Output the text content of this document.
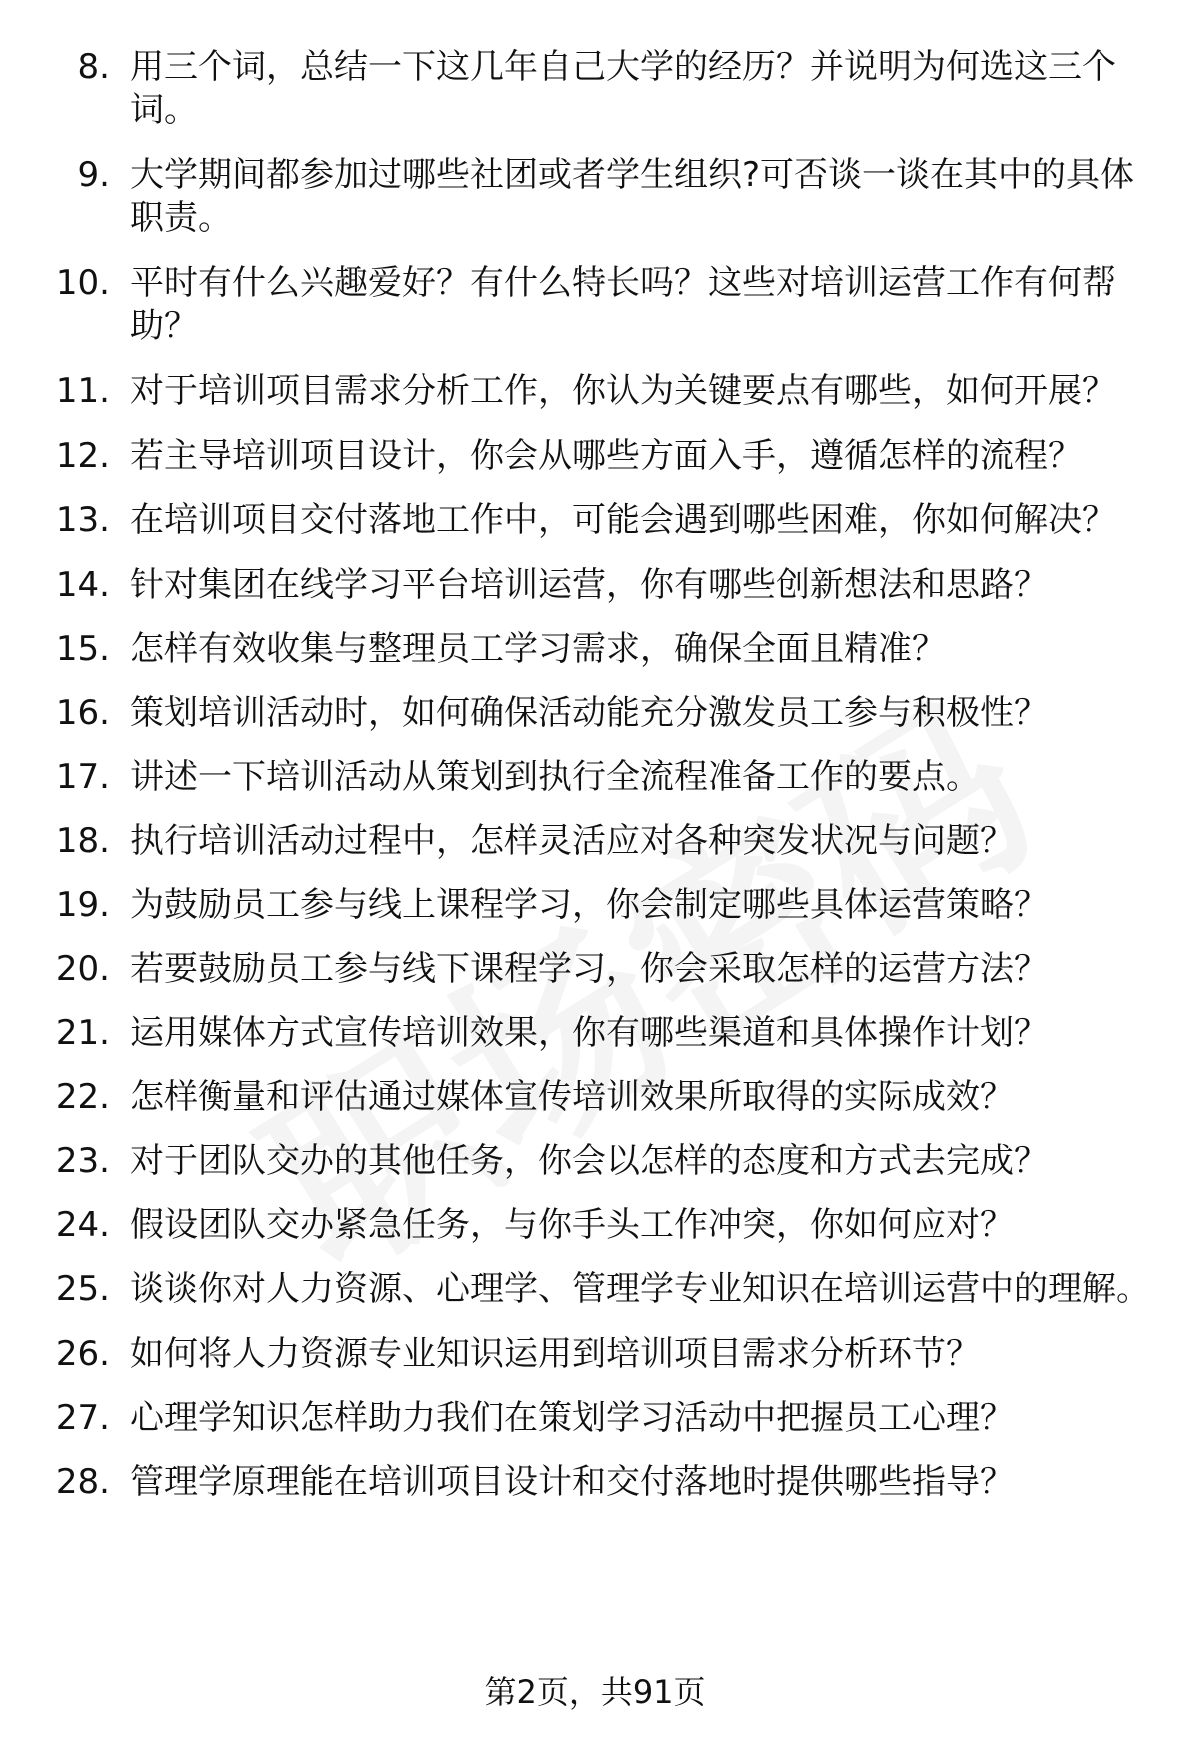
8. 用三个词，总结一下这几年自己大学的经历？并说明为何选这三个词。
9. 大学期间都参加过哪些社团或者学生组织?可否谈一谈在其中的具体职责。
10. 平时有什么兴趣爱好？有什么特长吗？这些对培训运营工作有何帮助？
11. 对于培训项目需求分析工作，你认为关键要点有哪些，如何开展？
12. 若主导培训项目设计，你会从哪些方面入手，遵循怎样的流程？
13. 在培训项目交付落地工作中，可能会遇到哪些困难，你如何解决？
14. 针对集团在线学习平台培训运营，你有哪些创新想法和思路？
15. 怎样有效收集与整理员工学习需求，确保全面且精准？
16. 策划培训活动时，如何确保活动能充分激发员工参与积极性？
17. 讲述一下培训活动从策划到执行全流程准备工作的要点。
18. 执行培训活动过程中，怎样灵活应对各种突发状况与问题？
19. 为鼓励员工参与线上课程学习，你会制定哪些具体运营策略？
20. 若要鼓励员工参与线下课程学习，你会采取怎样的运营方法？
21. 运用媒体方式宣传培训效果，你有哪些渠道和具体操作计划？
22. 怎样衡量和评估通过媒体宣传培训效果所取得的实际成效？
23. 对于团队交办的其他任务，你会以怎样的态度和方式去完成？
24. 假设团队交办紧急任务，与你手头工作冲突，你如何应对？
25. 谈谈你对人力资源、心理学、管理学专业知识在培训运营中的理解。
26. 如何将人力资源专业知识运用到培训项目需求分析环节？
27. 心理学知识怎样助力我们在策划学习活动中把握员工心理？
28. 管理学原理能在培训项目设计和交付落地时提供哪些指导？
第2页，共91页
